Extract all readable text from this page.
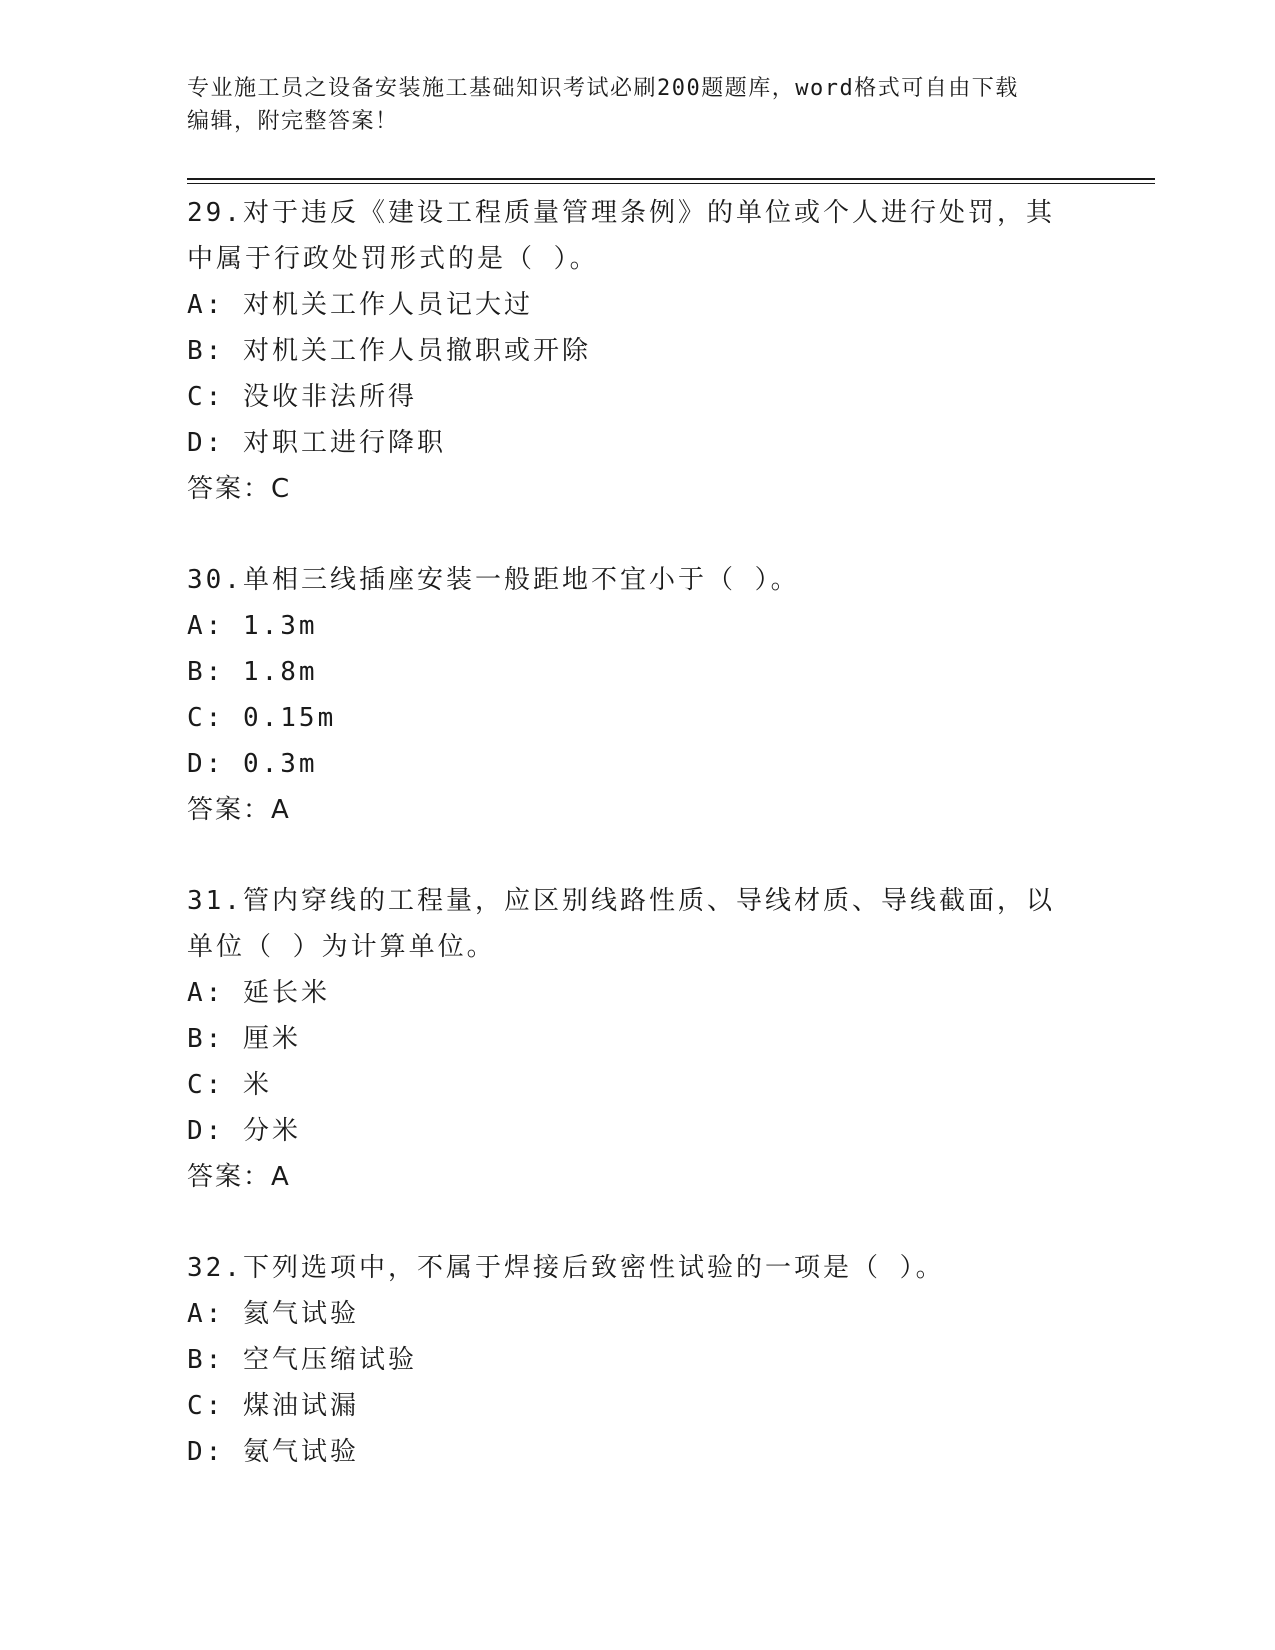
专业施工员之设备安装施工基础知识考试必刷200题题库，word格式可自由下载
编辑，附完整答案！
29.对于违反《建设工程质量管理条例》的单位或个人进行处罚，其中属于行政处罚形式的是（ ）。
A: 对机关工作人员记大过
B: 对机关工作人员撤职或开除
C: 没收非法所得
D: 对职工进行降职
答案：C
30.单相三线插座安装一般距地不宜小于（ ）。
A: 1.3m
B: 1.8m
C: 0.15m
D: 0.3m
答案：A
31.管内穿线的工程量，应区别线路性质、导线材质、导线截面，以单位（ ）为计算单位。
A: 延长米
B: 厘米
C: 米
D: 分米
答案：A
32.下列选项中，不属于焊接后致密性试验的一项是（ ）。
A: 氦气试验
B: 空气压缩试验
C: 煤油试漏
D: 氨气试验
